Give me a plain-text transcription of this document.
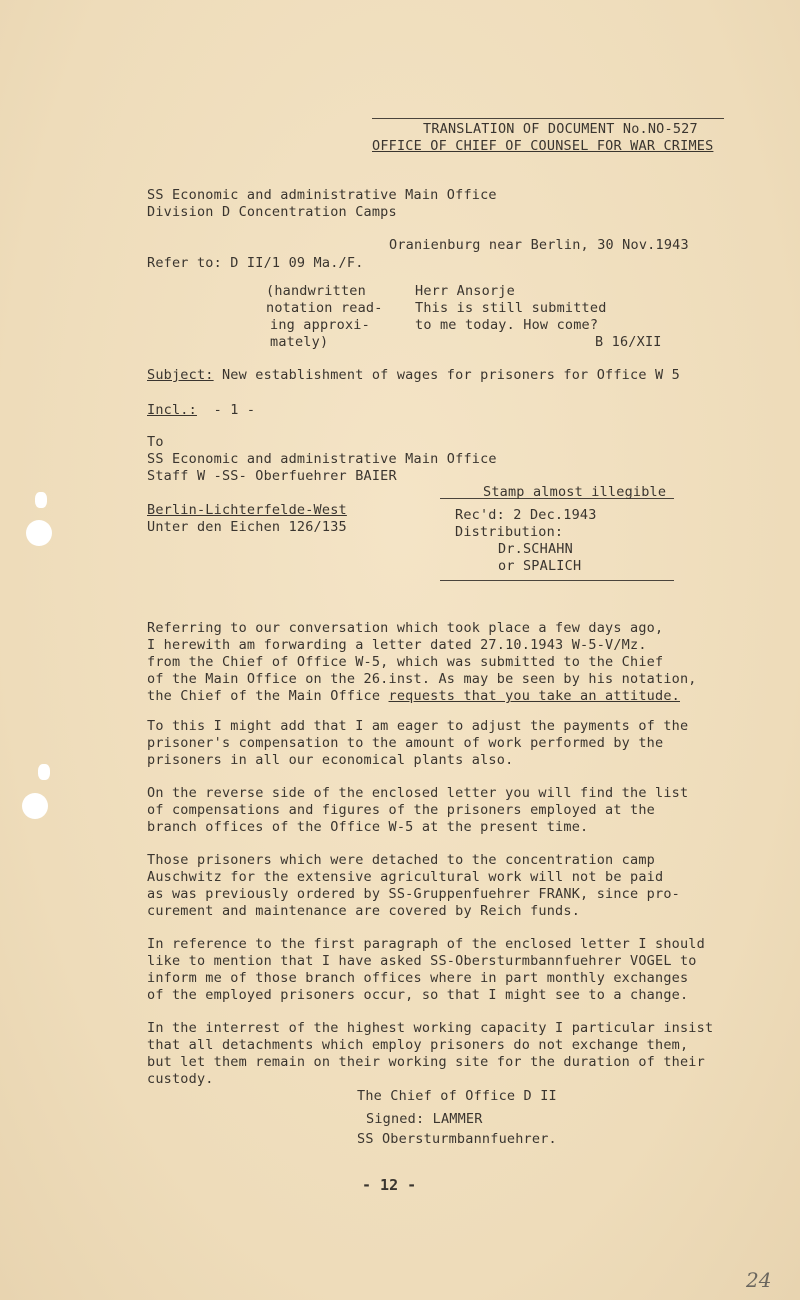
TRANSLATION OF DOCUMENT No.NO-527
OFFICE OF CHIEF OF COUNSEL FOR WAR CRIMES
SS Economic and administrative Main Office
Division D Concentration Camps
Oranienburg near Berlin, 30 Nov.1943
Refer to: D II/1 09 Ma./F.
(handwritten
notation read-
ing approxi-
mately)
Herr Ansorje
This is still submitted
to me today. How come?
B 16/XII
Subject: New establishment of wages for prisoners for Office W 5
Incl.:  - 1 -
To
SS Economic and administrative Main Office
Staff W -SS- Oberfuehrer BAIER
Berlin-Lichterfelde-West
Unter den Eichen 126/135
Stamp almost illegible
Rec'd: 2 Dec.1943
Distribution:
Dr.SCHAHN
or SPALICH
Referring to our conversation which took place a few days ago,
I herewith am forwarding a letter dated 27.10.1943 W-5-V/Mz.
from the Chief of Office W-5, which was submitted to the Chief
of the Main Office on the 26.inst. As may be seen by his notation,
the Chief of the Main Office requests that you take an attitude.
To this I might add that I am eager to adjust the payments of the
prisoner's compensation to the amount of work performed by the
prisoners in all our economical plants also.
On the reverse side of the enclosed letter you will find the list
of compensations and figures of the prisoners employed at the
branch offices of the Office W-5 at the present time.
Those prisoners which were detached to the concentration camp
Auschwitz for the extensive agricultural work will not be paid
as was previously ordered by SS-Gruppenfuehrer FRANK, since pro-
curement and maintenance are covered by Reich funds.
In reference to the first paragraph of the enclosed letter I should
like to mention that I have asked SS-Obersturmbannfuehrer VOGEL to
inform me of those branch offices where in part monthly exchanges
of the employed prisoners occur, so that I might see to a change.
In the interrest of the highest working capacity I particular insist
that all detachments which employ prisoners do not exchange them,
but let them remain on their working site for the duration of their
custody.
The Chief of Office D II
Signed: LAMMER
SS Obersturmbannfuehrer.
- 12 -
24
